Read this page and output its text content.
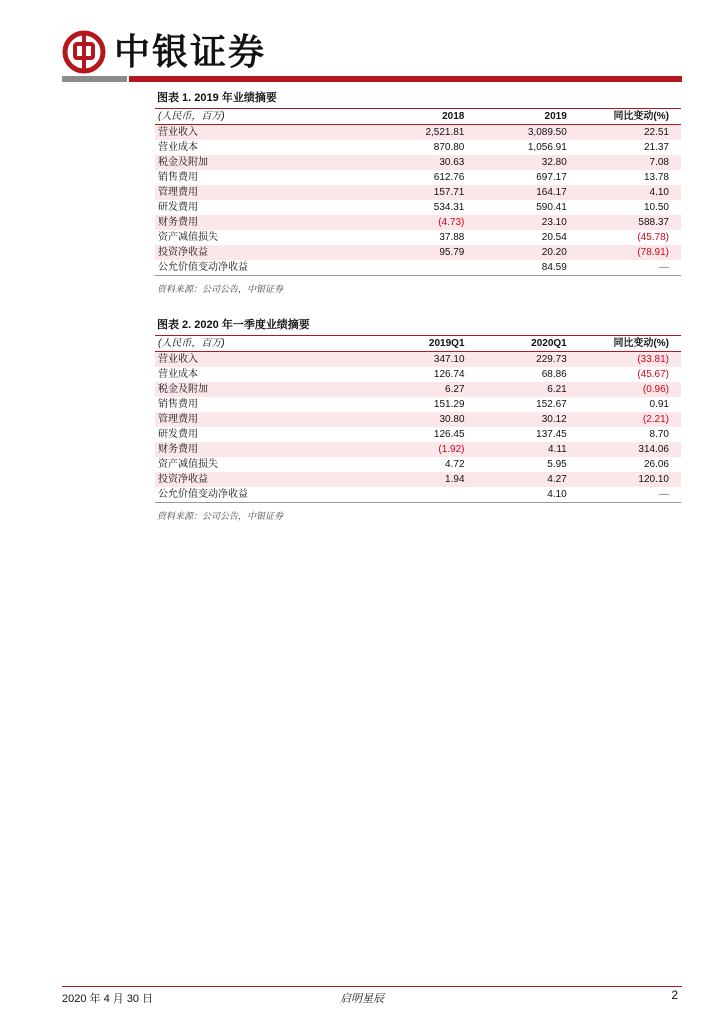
中银证券
图表 1. 2019 年业绩摘要
(人民币，百万)	2018	2019	同比变动(%)
营业收入	2,521.81	3,089.50	22.51
营业成本	870.80	1,056.91	21.37
税金及附加	30.63	32.80	7.08
销售费用	612.76	697.17	13.78
管理费用	157.71	164.17	4.10
研发费用	534.31	590.41	10.50
财务费用	(4.73)	23.10	588.37
资产减值损失	37.88	20.54	(45.78)
投资净收益	95.79	20.20	(78.91)
公允价值变动净收益		84.59	—
资料来源：公司公告，中银证券
图表 2. 2020 年一季度业绩摘要
(人民币，百万)	2019Q1	2020Q1	同比变动(%)
营业收入	347.10	229.73	(33.81)
营业成本	126.74	68.86	(45.67)
税金及附加	6.27	6.21	(0.96)
销售费用	151.29	152.67	0.91
管理费用	30.80	30.12	(2.21)
研发费用	126.45	137.45	8.70
财务费用	(1.92)	4.11	314.06
资产减值损失	4.72	5.95	26.06
投资净收益	1.94	4.27	120.10
公允价值变动净收益		4.10	—
资料来源：公司公告，中银证券
2020 年 4 月 30 日	启明星辰	2
